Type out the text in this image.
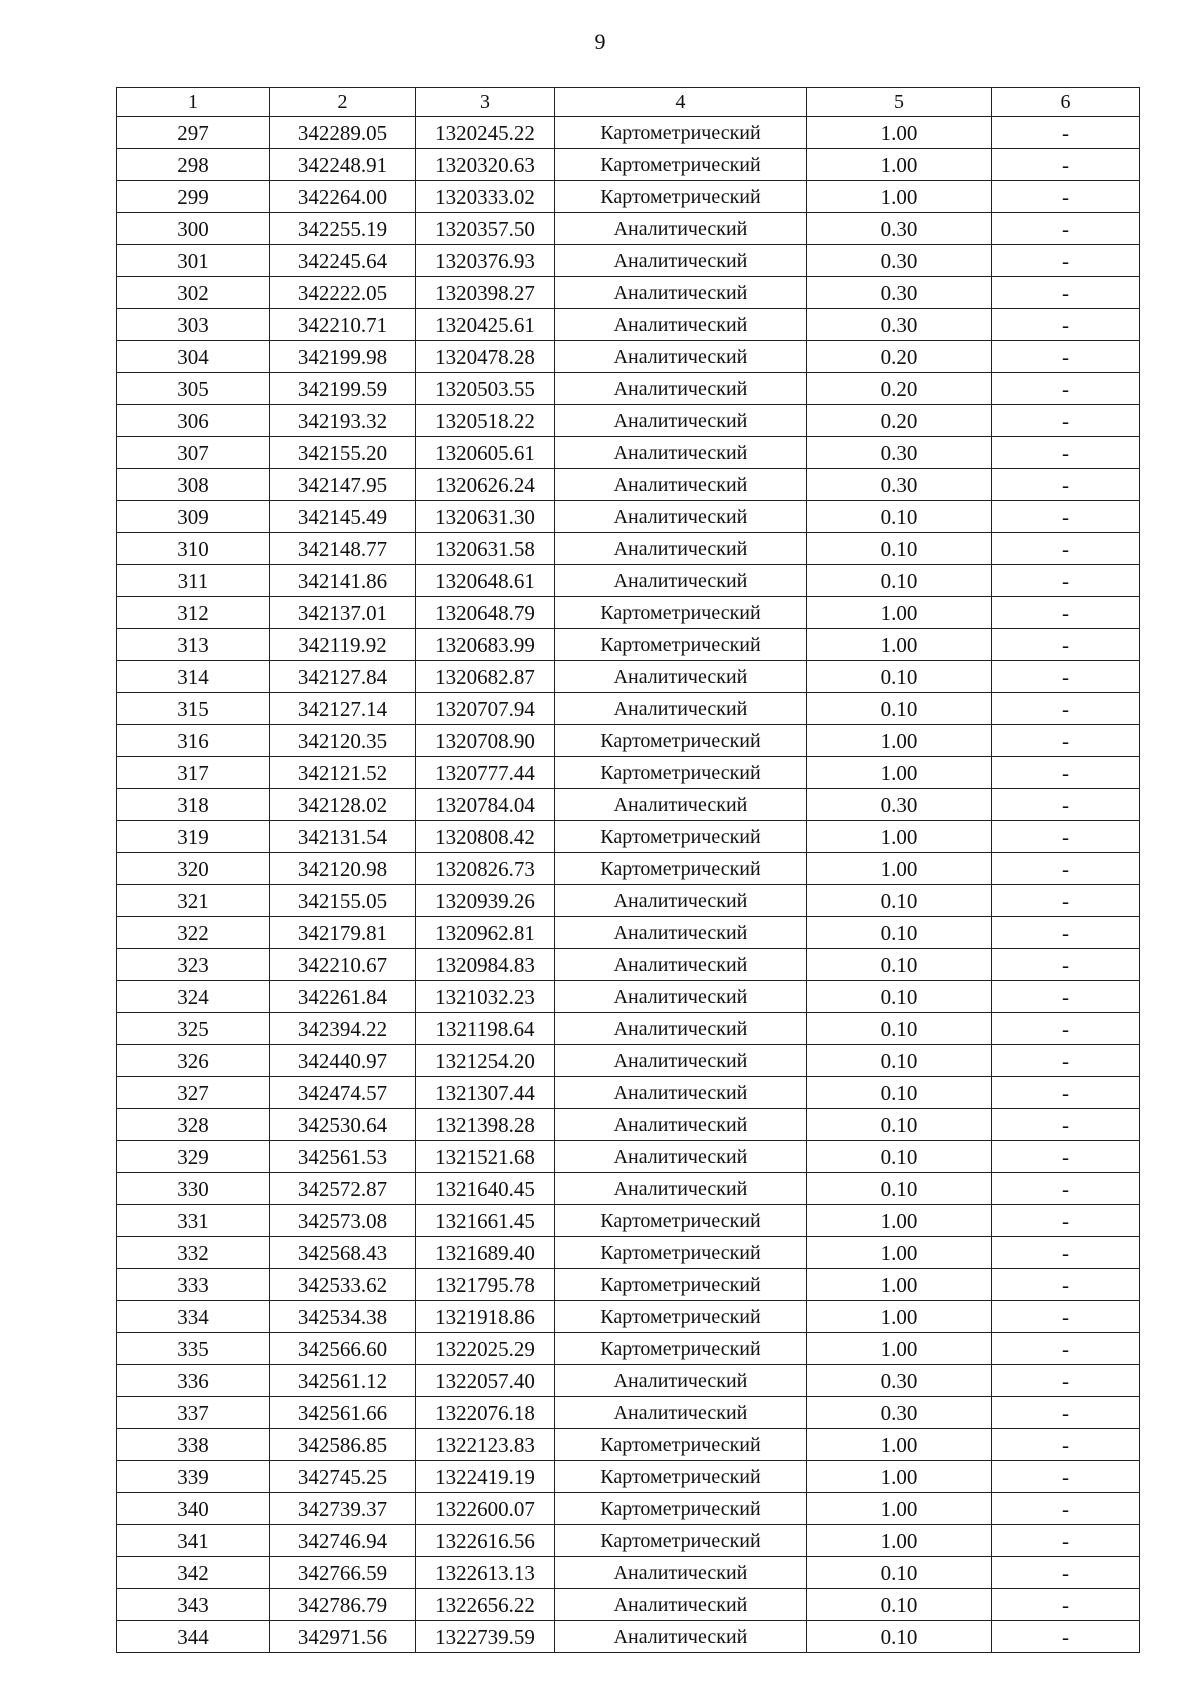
9
1	2	3	4	5	6
297	342289.05	1320245.22	Картометрический	1.00	-
298	342248.91	1320320.63	Картометрический	1.00	-
299	342264.00	1320333.02	Картометрический	1.00	-
300	342255.19	1320357.50	Аналитический	0.30	-
301	342245.64	1320376.93	Аналитический	0.30	-
302	342222.05	1320398.27	Аналитический	0.30	-
303	342210.71	1320425.61	Аналитический	0.30	-
304	342199.98	1320478.28	Аналитический	0.20	-
305	342199.59	1320503.55	Аналитический	0.20	-
306	342193.32	1320518.22	Аналитический	0.20	-
307	342155.20	1320605.61	Аналитический	0.30	-
308	342147.95	1320626.24	Аналитический	0.30	-
309	342145.49	1320631.30	Аналитический	0.10	-
310	342148.77	1320631.58	Аналитический	0.10	-
311	342141.86	1320648.61	Аналитический	0.10	-
312	342137.01	1320648.79	Картометрический	1.00	-
313	342119.92	1320683.99	Картометрический	1.00	-
314	342127.84	1320682.87	Аналитический	0.10	-
315	342127.14	1320707.94	Аналитический	0.10	-
316	342120.35	1320708.90	Картометрический	1.00	-
317	342121.52	1320777.44	Картометрический	1.00	-
318	342128.02	1320784.04	Аналитический	0.30	-
319	342131.54	1320808.42	Картометрический	1.00	-
320	342120.98	1320826.73	Картометрический	1.00	-
321	342155.05	1320939.26	Аналитический	0.10	-
322	342179.81	1320962.81	Аналитический	0.10	-
323	342210.67	1320984.83	Аналитический	0.10	-
324	342261.84	1321032.23	Аналитический	0.10	-
325	342394.22	1321198.64	Аналитический	0.10	-
326	342440.97	1321254.20	Аналитический	0.10	-
327	342474.57	1321307.44	Аналитический	0.10	-
328	342530.64	1321398.28	Аналитический	0.10	-
329	342561.53	1321521.68	Аналитический	0.10	-
330	342572.87	1321640.45	Аналитический	0.10	-
331	342573.08	1321661.45	Картометрический	1.00	-
332	342568.43	1321689.40	Картометрический	1.00	-
333	342533.62	1321795.78	Картометрический	1.00	-
334	342534.38	1321918.86	Картометрический	1.00	-
335	342566.60	1322025.29	Картометрический	1.00	-
336	342561.12	1322057.40	Аналитический	0.30	-
337	342561.66	1322076.18	Аналитический	0.30	-
338	342586.85	1322123.83	Картометрический	1.00	-
339	342745.25	1322419.19	Картометрический	1.00	-
340	342739.37	1322600.07	Картометрический	1.00	-
341	342746.94	1322616.56	Картометрический	1.00	-
342	342766.59	1322613.13	Аналитический	0.10	-
343	342786.79	1322656.22	Аналитический	0.10	-
344	342971.56	1322739.59	Аналитический	0.10	-
